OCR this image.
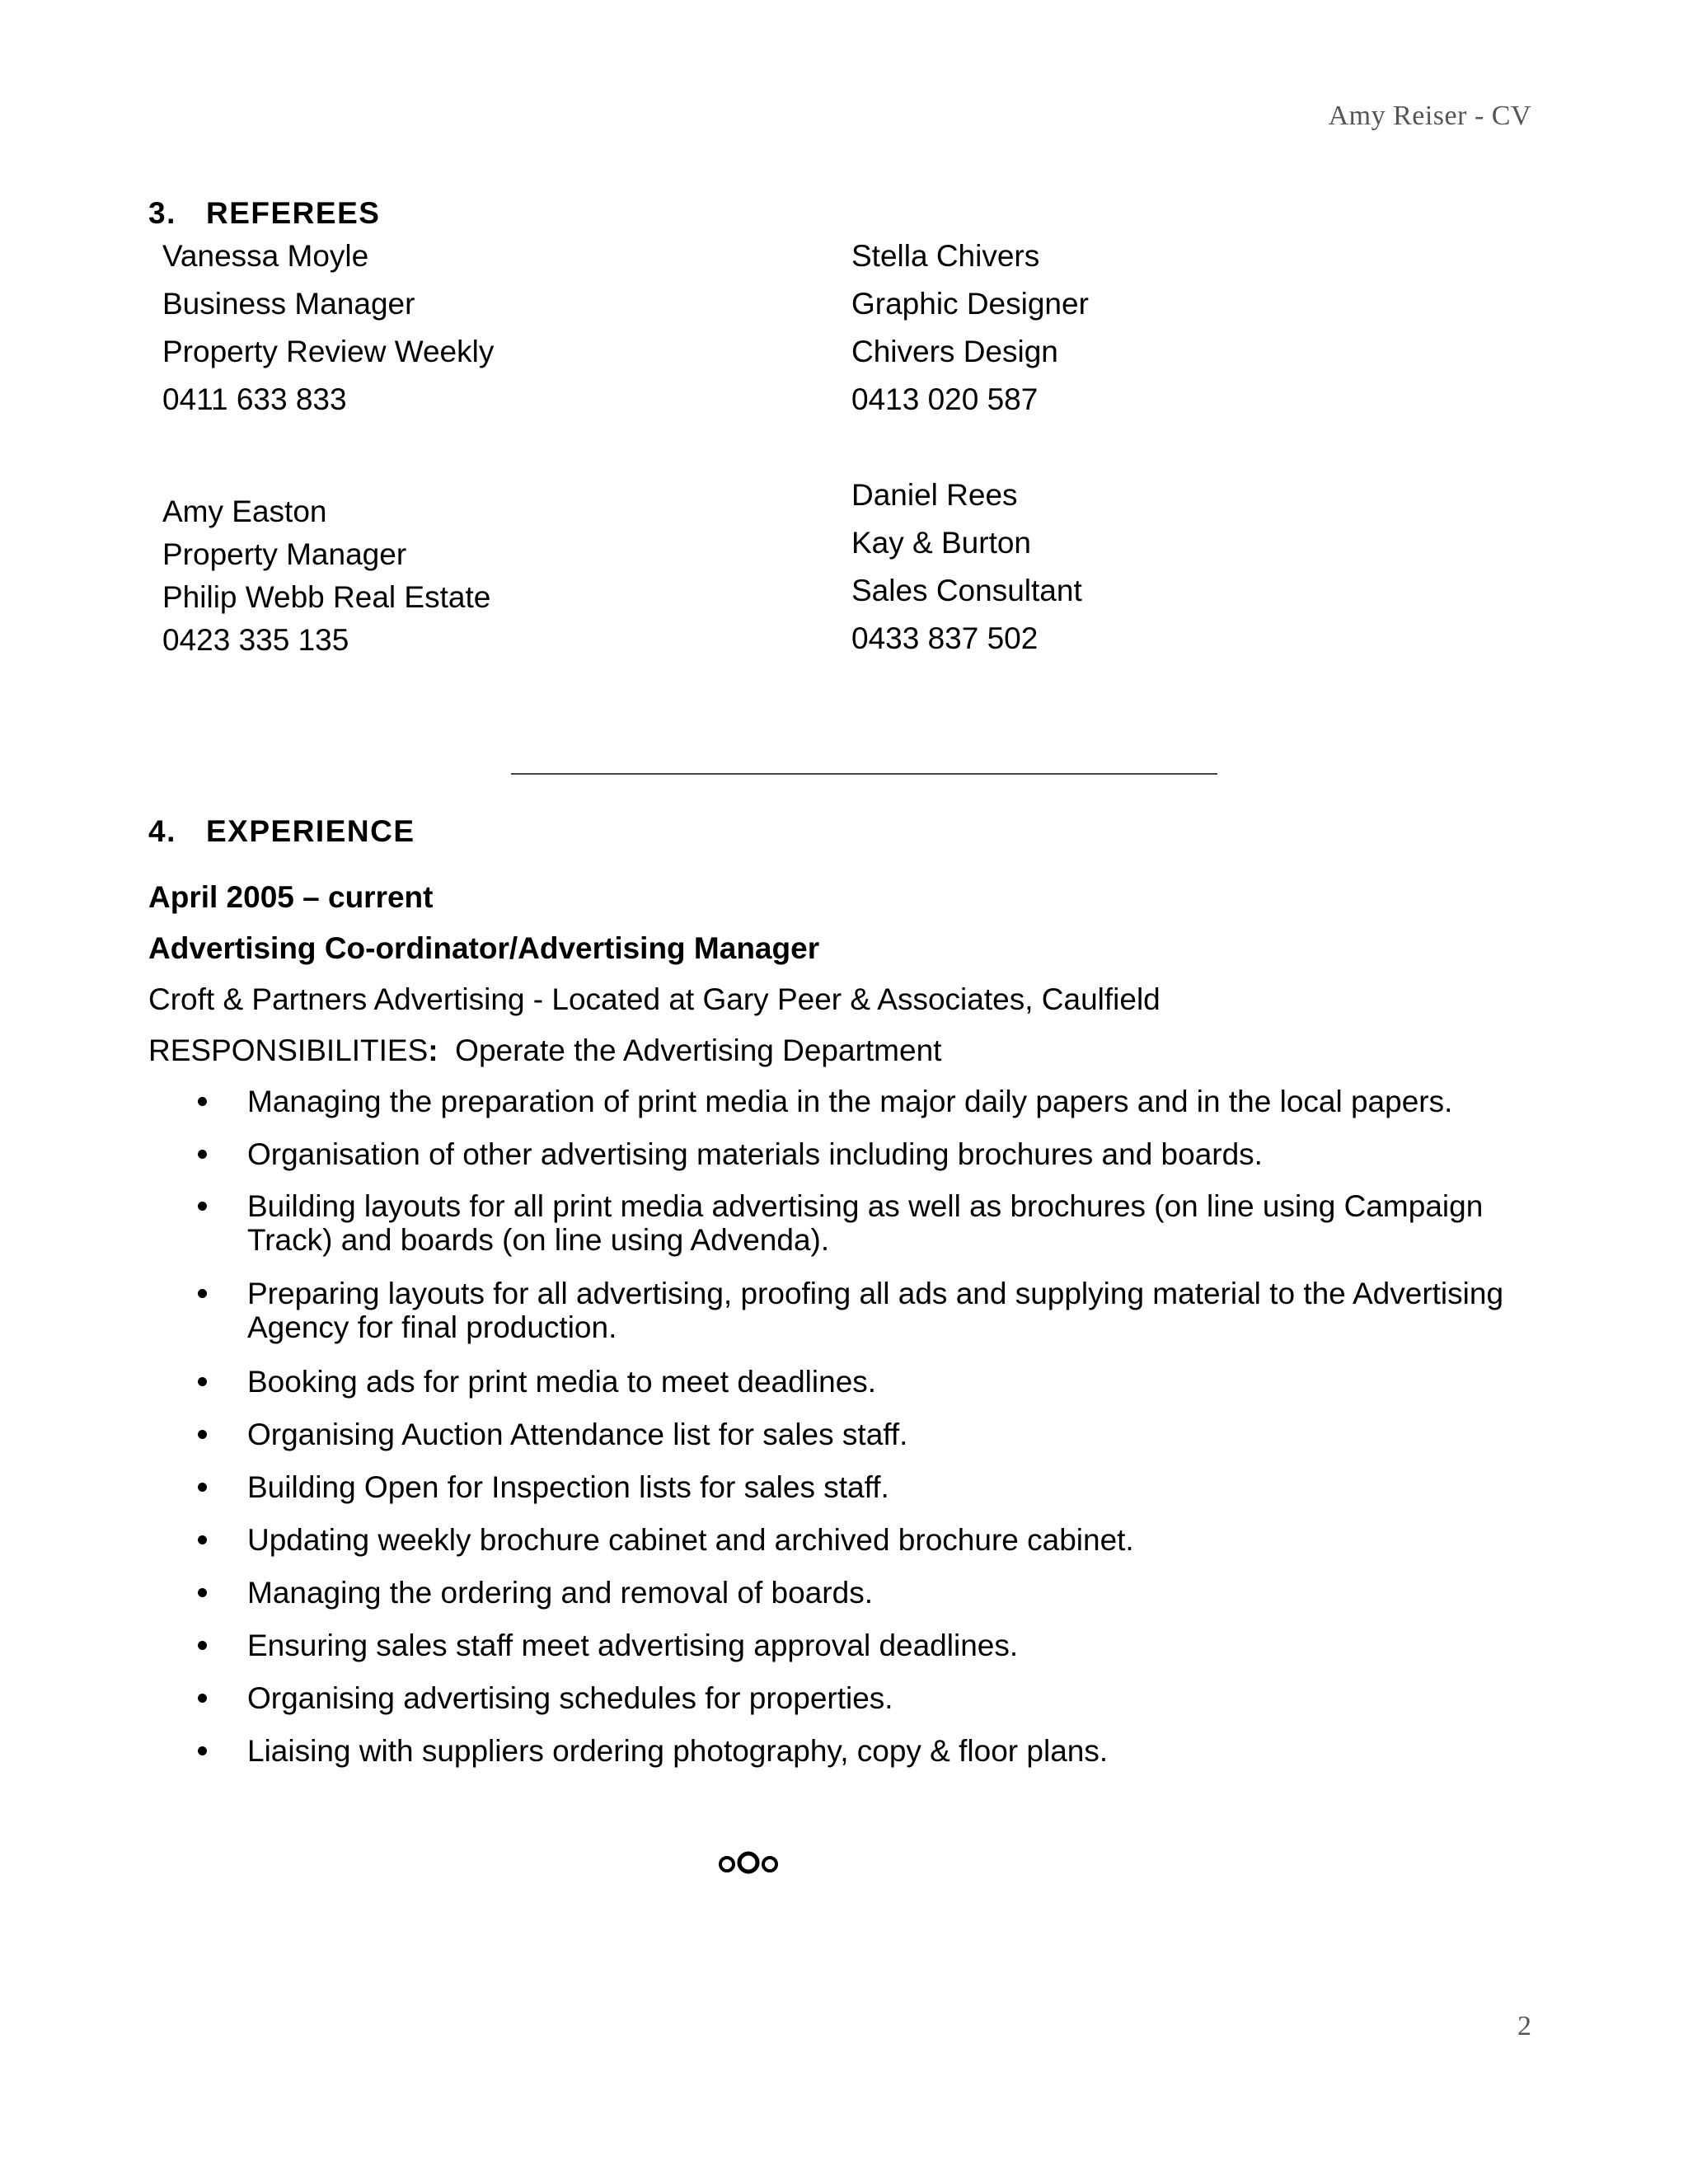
Amy Reiser - CV
3. REFEREES
Vanessa Moyle
Business Manager
Property Review Weekly
0411 633 833
Stella Chivers
Graphic Designer
Chivers Design
0413 020 587
Amy Easton
Property Manager
Philip Webb Real Estate
0423 335 135
Daniel Rees
Kay & Burton
Sales Consultant
0433 837 502
4. EXPERIENCE
April 2005 – current
Advertising Co-ordinator/Advertising Manager
Croft & Partners Advertising - Located at Gary Peer & Associates, Caulfield
RESPONSIBILITIES: Operate the Advertising Department
Managing the preparation of print media in the major daily papers and in the local papers.
Organisation of other advertising materials including brochures and boards.
Building layouts for all print media advertising as well as brochures (on line using Campaign Track) and boards (on line using Advenda).
Preparing layouts for all advertising, proofing all ads and supplying material to the Advertising Agency for final production.
Booking ads for print media to meet deadlines.
Organising Auction Attendance list for sales staff.
Building Open for Inspection lists for sales staff.
Updating weekly brochure cabinet and archived brochure cabinet.
Managing the ordering and removal of boards.
Ensuring sales staff meet advertising approval deadlines.
Organising advertising schedules for properties.
Liaising with suppliers ordering photography, copy & floor plans.
2
